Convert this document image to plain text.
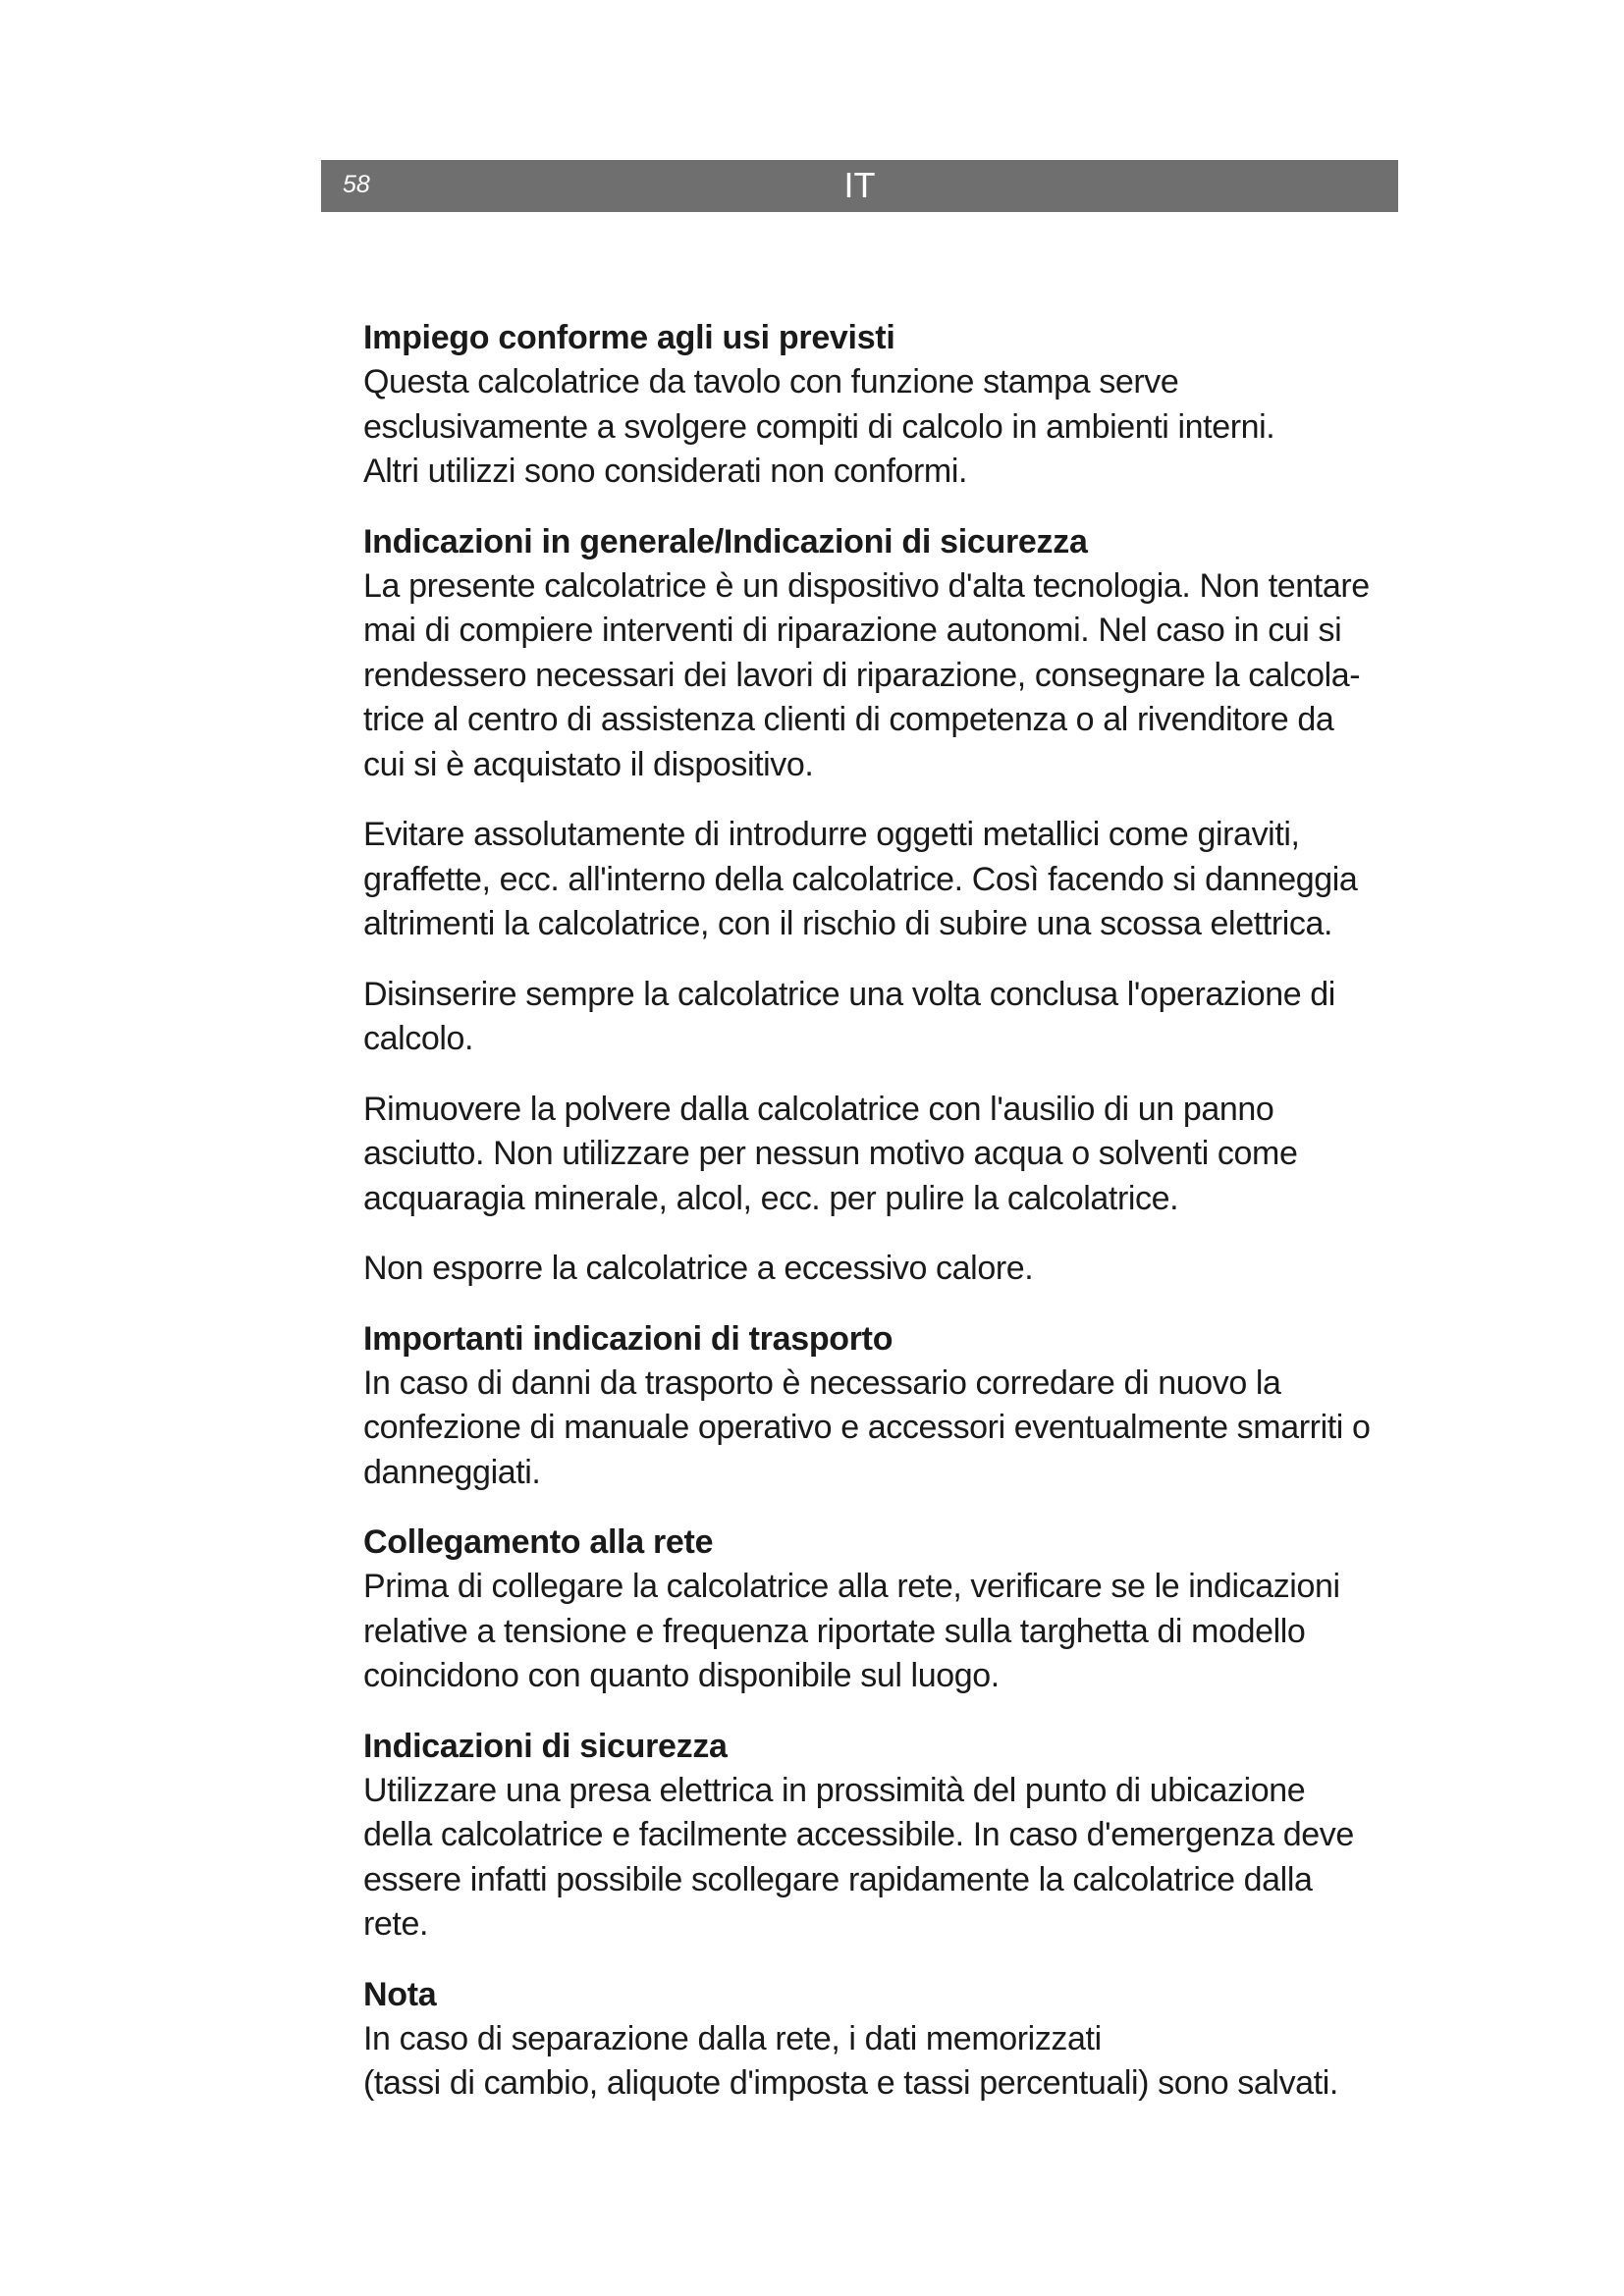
58	IT
Impiego conforme agli usi previsti

Questa calcolatrice da tavolo con funzione stampa serve
esclusivamente a svolgere compiti di calcolo in ambienti interni.
Altri utilizzi sono considerati non conformi.

Indicazioni in generale/Indicazioni di sicurezza

La presente calcolatrice è un dispositivo d'alta tecnologia. Non tentare
mai di compiere interventi di riparazione autonomi. Nel caso in cui si
rendessero necessari dei lavori di riparazione, consegnare la calcola-
trice al centro di assistenza clienti di competenza o al rivenditore da
cui si è acquistato il dispositivo.

Evitare assolutamente di introdurre oggetti metallici come giraviti,
graffette, ecc. all'interno della calcolatrice. Così facendo si danneggia
altrimenti la calcolatrice, con il rischio di subire una scossa elettrica.

Disinserire sempre la calcolatrice una volta conclusa l'operazione di
calcolo.

Rimuovere la polvere dalla calcolatrice con l'ausilio di un panno
asciutto. Non utilizzare per nessun motivo acqua o solventi come
acquaragia minerale, alcol, ecc. per pulire la calcolatrice.

Non esporre la calcolatrice a eccessivo calore.

Importanti indicazioni di trasporto

In caso di danni da trasporto è necessario corredare di nuovo la
confezione di manuale operativo e accessori eventualmente smarriti o
danneggiati.

Collegamento alla rete

Prima di collegare la calcolatrice alla rete, verificare se le indicazioni
relative a tensione e frequenza riportate sulla targhetta di modello
coincidono con quanto disponibile sul luogo.

Indicazioni di sicurezza

Utilizzare una presa elettrica in prossimità del punto di ubicazione
della calcolatrice e facilmente accessibile. In caso d'emergenza deve
essere infatti possibile scollegare rapidamente la calcolatrice dalla
rete.

Nota

In caso di separazione dalla rete, i dati memorizzati
(tassi di cambio, aliquote d'imposta e tassi percentuali) sono salvati.
